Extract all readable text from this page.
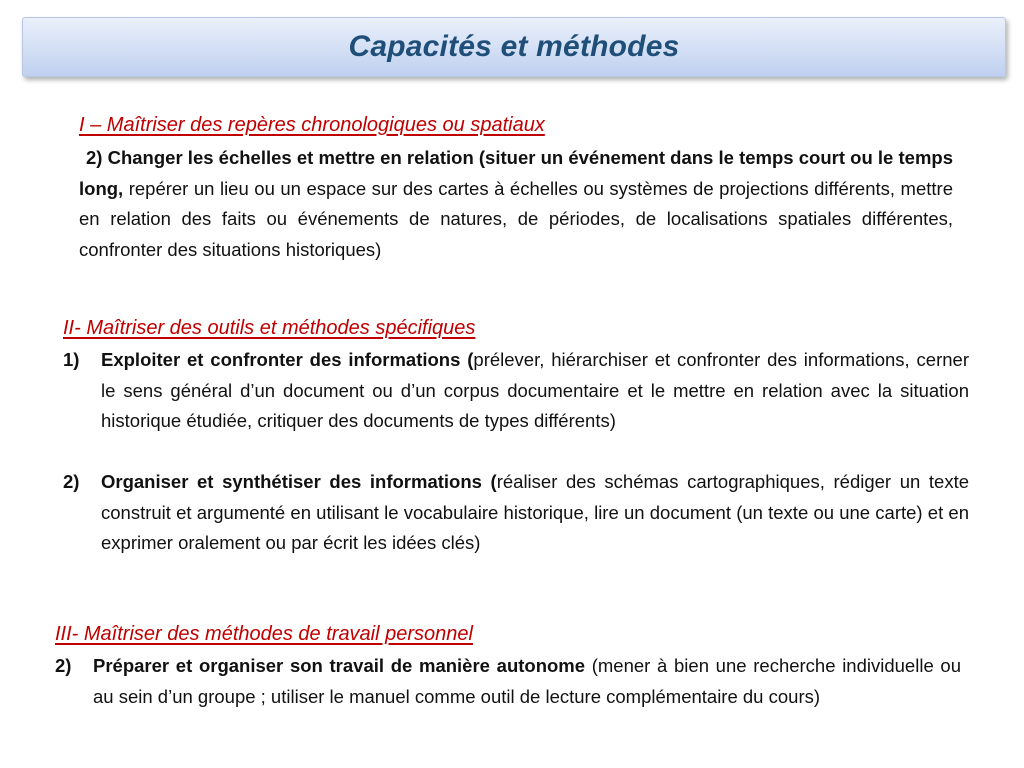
Capacités et méthodes
I – Maîtriser des repères chronologiques ou spatiaux
2) Changer les échelles et mettre en relation (situer un événement dans le temps court ou le temps long, repérer un lieu ou un espace sur des cartes à échelles ou systèmes de projections différents, mettre en relation des faits ou événements de natures, de périodes, de localisations spatiales différentes, confronter des situations historiques)
II- Maîtriser des outils et méthodes spécifiques
1)	Exploiter et confronter des informations (prélever, hiérarchiser et confronter des informations, cerner le sens général d’un document ou d’un corpus documentaire et le mettre en relation avec la situation historique étudiée, critiquer des documents de types différents)
2)	Organiser et synthétiser des informations (réaliser des schémas cartographiques, rédiger un texte construit et argumenté en utilisant le vocabulaire historique, lire un document (un texte ou une carte) et en exprimer oralement ou par écrit les idées clés)
III- Maîtriser des méthodes de travail personnel
2)	Préparer et organiser son travail de manière autonome (mener à bien une recherche individuelle ou au sein d’un groupe ; utiliser le manuel comme outil de lecture complémentaire du cours)
